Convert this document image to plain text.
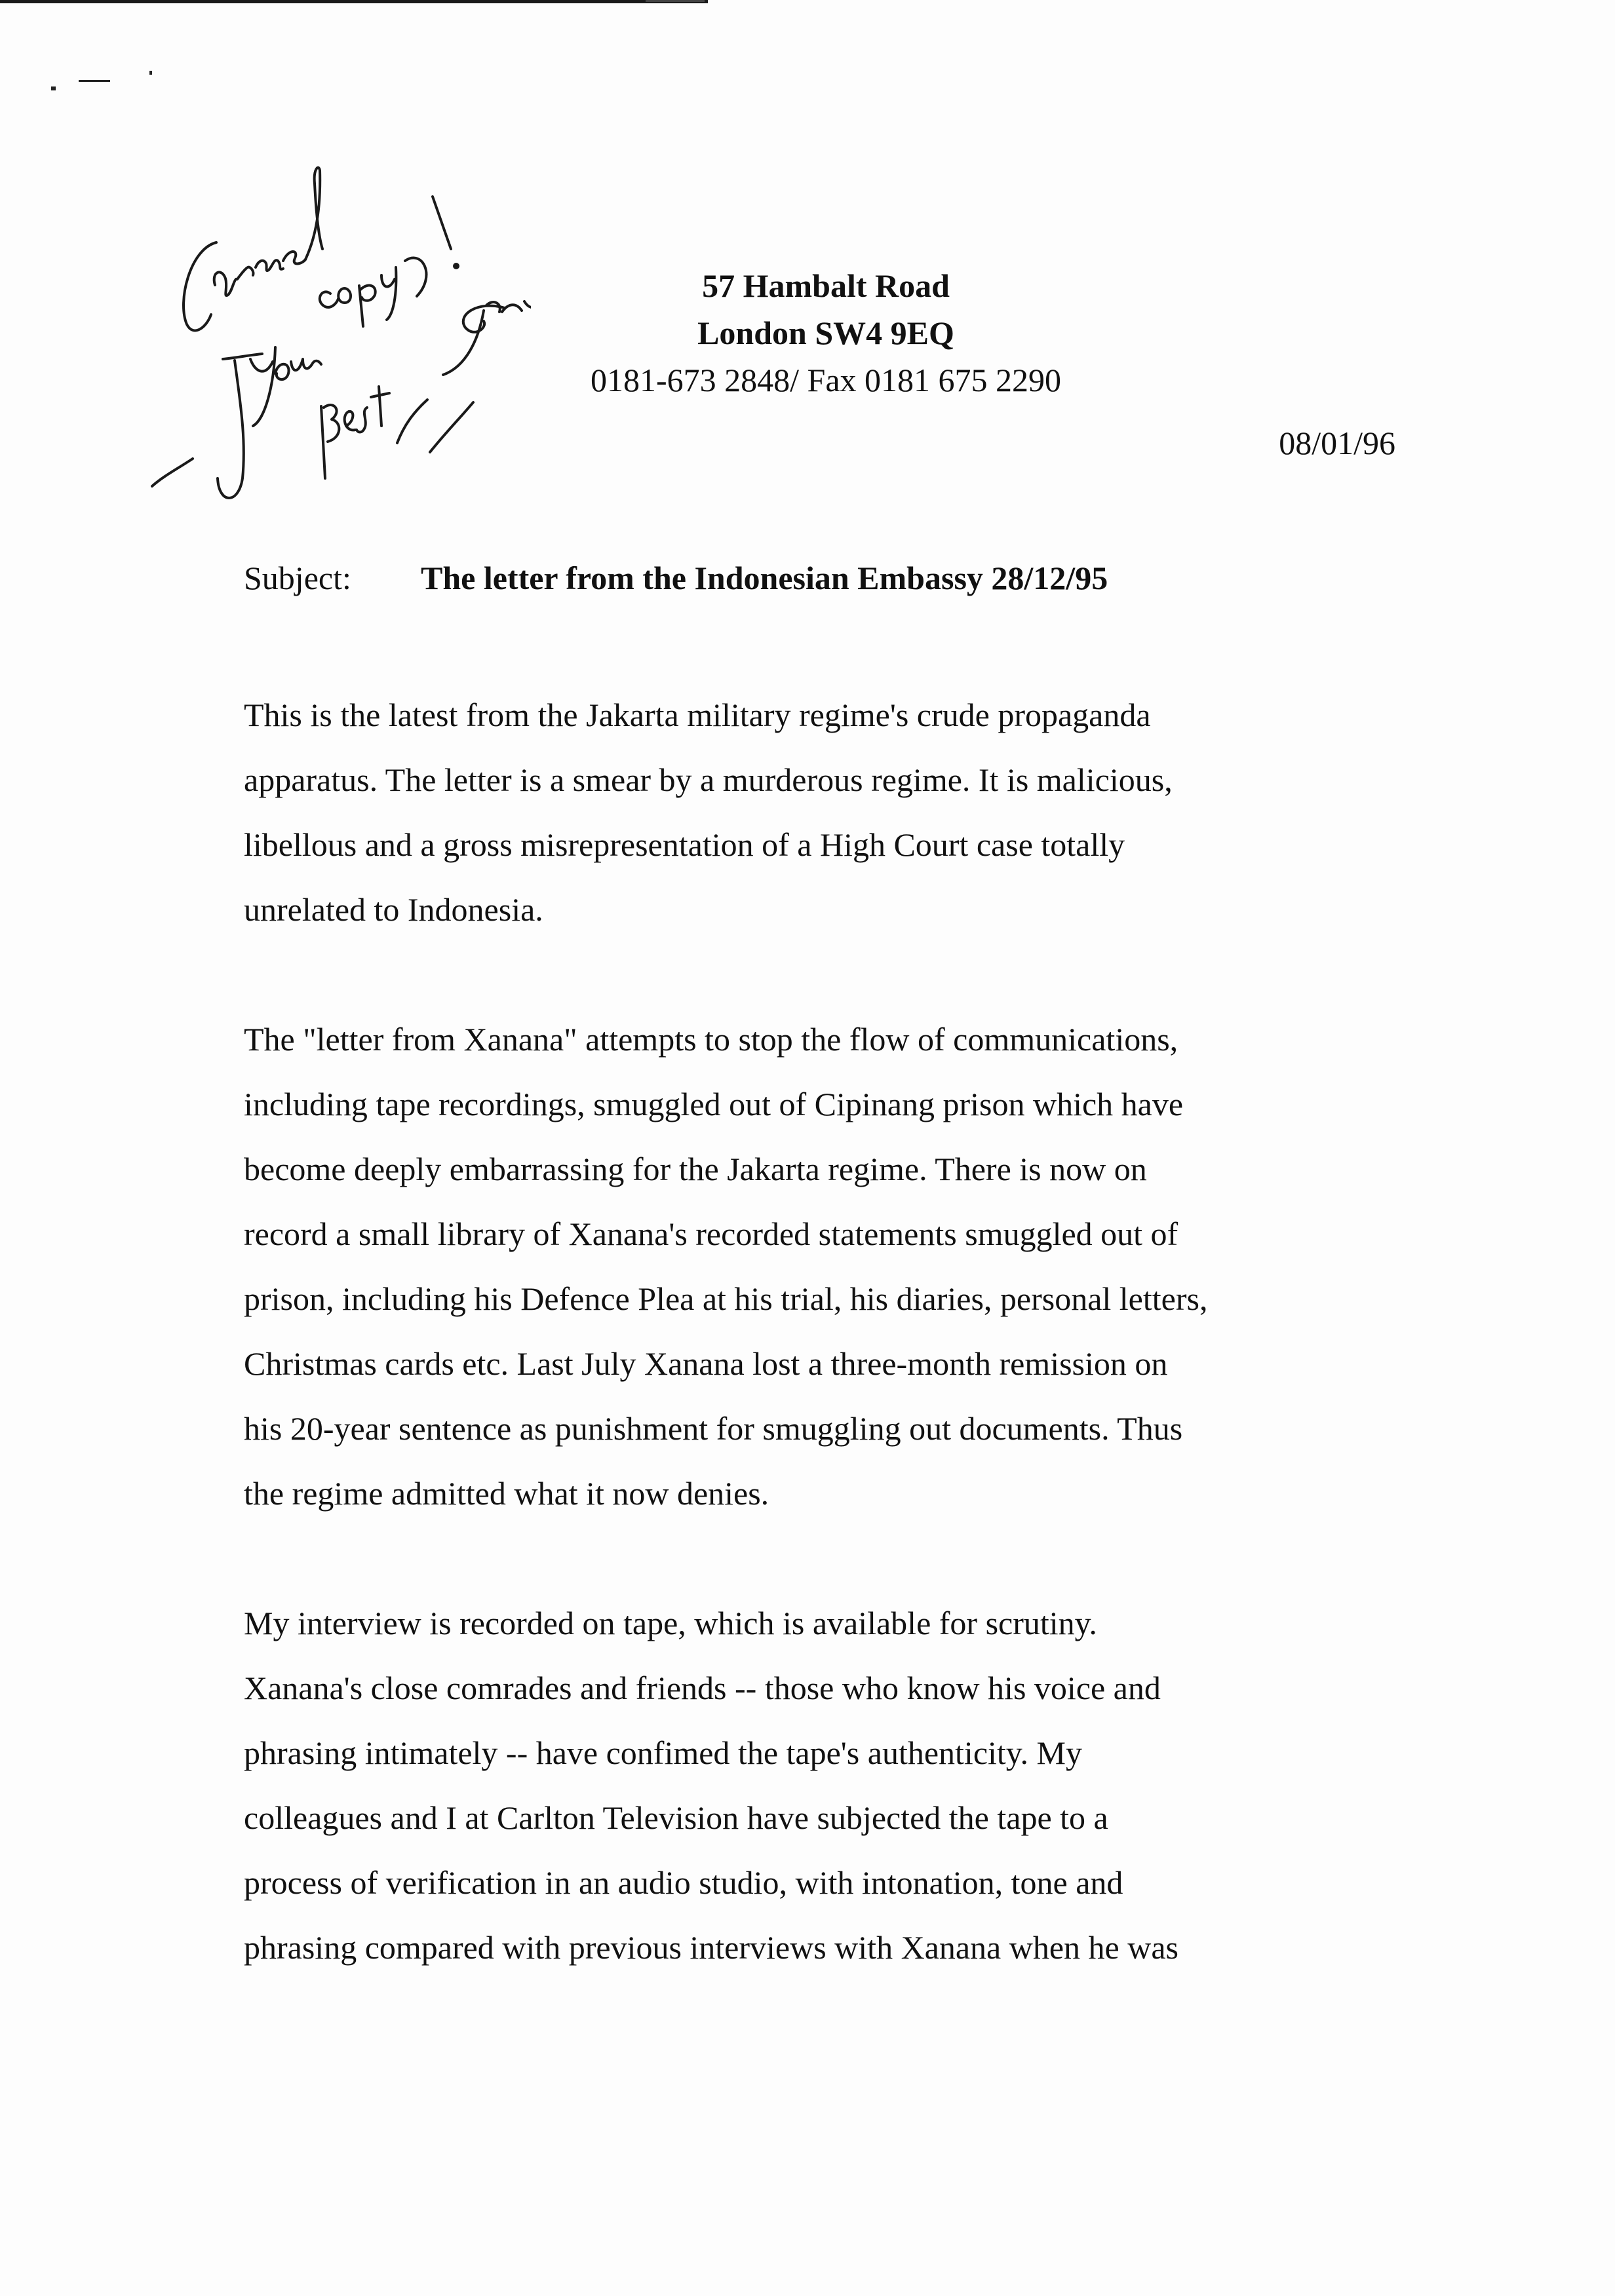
57 Hambalt Road
London SW4 9EQ
0181-673 2848/ Fax 0181 675 2290
08/01/96
Subject: The letter from the Indonesian Embassy 28/12/95
This is the latest from the Jakarta military regime's crude propaganda
apparatus. The letter is a smear by a murderous regime. It is malicious,
libellous and a gross misrepresentation of a High Court case totally
unrelated to Indonesia.
The "letter from Xanana" attempts to stop the flow of communications,
including tape recordings, smuggled out of Cipinang prison which have
become deeply embarrassing for the Jakarta regime. There is now on
record a small library of Xanana's recorded statements smuggled out of
prison, including his Defence Plea at his trial, his diaries, personal letters,
Christmas cards etc. Last July Xanana lost a three-month remission on
his 20-year sentence as punishment for smuggling out documents. Thus
the regime admitted what it now denies.
My interview is recorded on tape, which is available for scrutiny.
Xanana's close comrades and friends -- those who know his voice and
phrasing intimately -- have confimed the tape's authenticity. My
colleagues and I at Carlton Television have subjected the tape to a
process of verification in an audio studio, with intonation, tone and
phrasing compared with previous interviews with Xanana when he was
